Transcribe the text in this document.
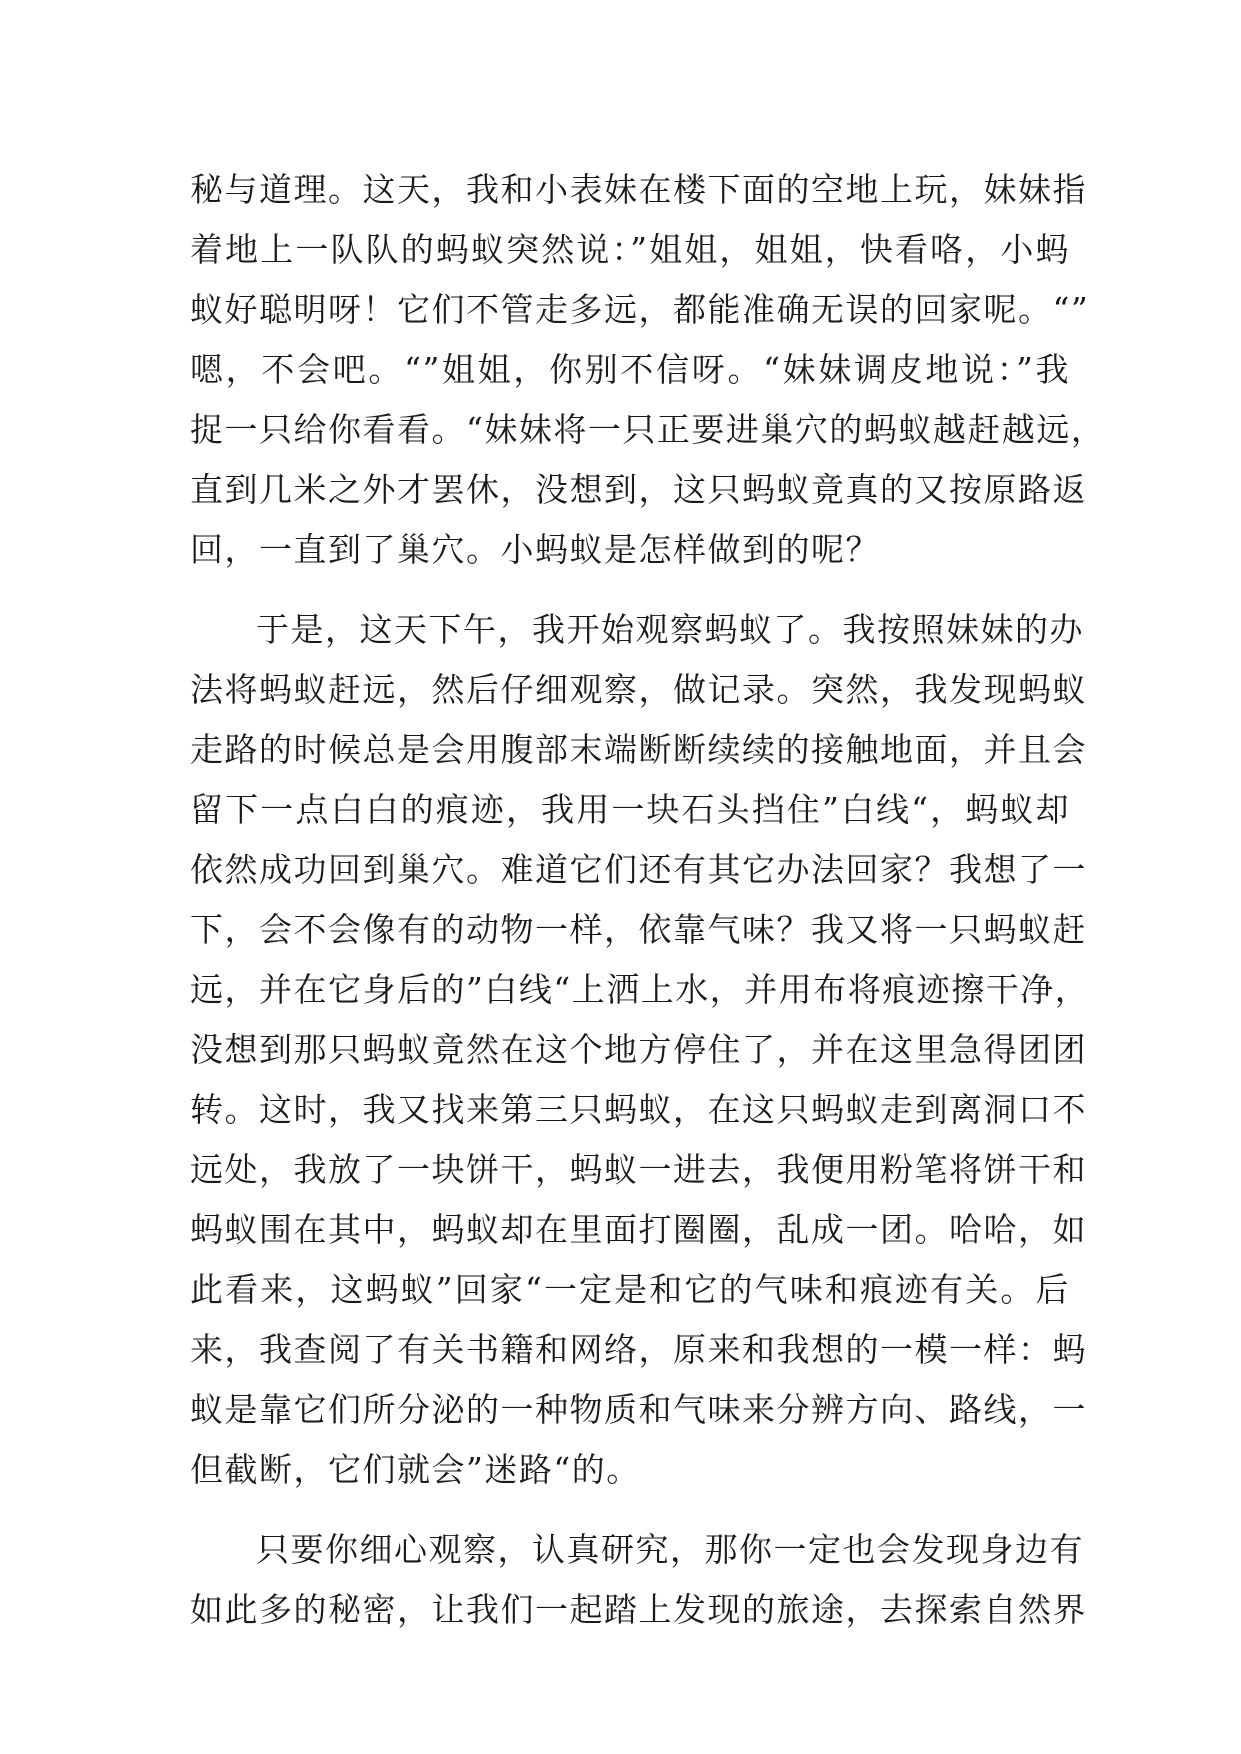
秘与道理。这天，我和小表妹在楼下面的空地上玩，妹妹指
着地上一队队的蚂蚁突然说：”姐姐，姐姐，快看咯，小蚂
蚁好聪明呀！它们不管走多远，都能准确无误的回家呢。“”
嗯，不会吧。“”姐姐，你别不信呀。“妹妹调皮地说：”我
捉一只给你看看。“妹妹将一只正要进巢穴的蚂蚁越赶越远，
直到几米之外才罢休，没想到，这只蚂蚁竟真的又按原路返
回，一直到了巢穴。小蚂蚁是怎样做到的呢？
于是，这天下午，我开始观察蚂蚁了。我按照妹妹的办
法将蚂蚁赶远，然后仔细观察，做记录。突然，我发现蚂蚁
走路的时候总是会用腹部末端断断续续的接触地面，并且会
留下一点白白的痕迹，我用一块石头挡住”白线“，蚂蚁却
依然成功回到巢穴。难道它们还有其它办法回家？我想了一
下，会不会像有的动物一样，依靠气味？我又将一只蚂蚁赶
远，并在它身后的”白线“上洒上水，并用布将痕迹擦干净，
没想到那只蚂蚁竟然在这个地方停住了，并在这里急得团团
转。这时，我又找来第三只蚂蚁，在这只蚂蚁走到离洞口不
远处，我放了一块饼干，蚂蚁一进去，我便用粉笔将饼干和
蚂蚁围在其中，蚂蚁却在里面打圈圈，乱成一团。哈哈，如
此看来，这蚂蚁”回家“一定是和它的气味和痕迹有关。后
来，我查阅了有关书籍和网络，原来和我想的一模一样：蚂
蚁是靠它们所分泌的一种物质和气味来分辨方向、路线，一
但截断，它们就会”迷路“的。
只要你细心观察，认真研究，那你一定也会发现身边有
如此多的秘密，让我们一起踏上发现的旅途，去探索自然界
